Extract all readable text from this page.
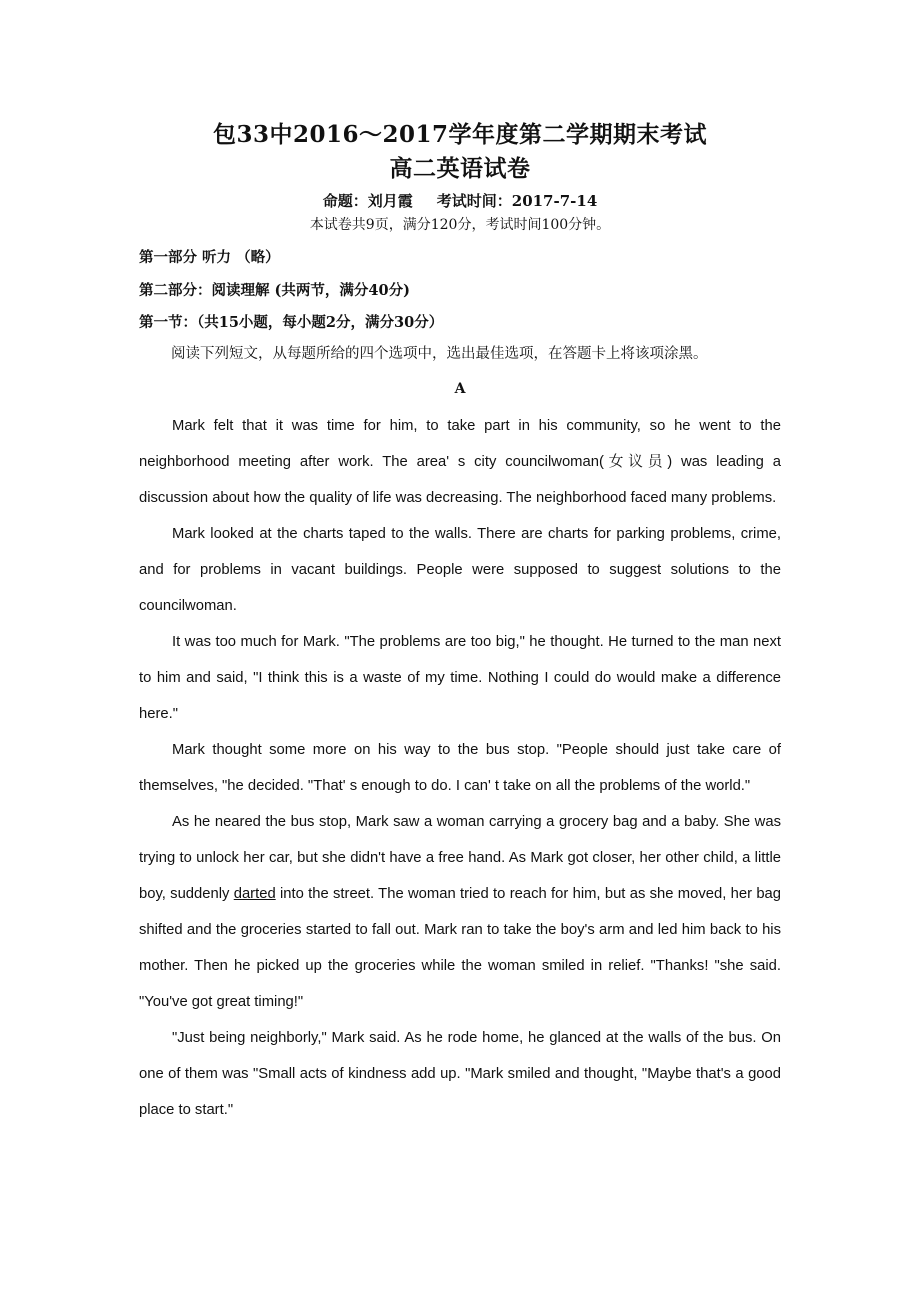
包33中2016～2017学年度第二学期期末考试
高二英语试卷
命题：刘月霞 考试时间：2017-7-14
本试卷共9页，满分120分，考试时间100分钟。
第一部分 听力 （略）
第二部分：阅读理解 (共两节，满分40分)
第一节：（共15小题，每小题2分，满分30分）
阅读下列短文，从每题所给的四个选项中，选出最佳选项，在答题卡上将该项涂黑。
A

Mark felt that it was time for him, to take part in his community, so he went to the neighborhood meeting after work. The area' s city councilwoman(女议员) was leading a discussion about how the quality of life was decreasing. The neighborhood faced many problems.

Mark looked at the charts taped to the walls. There are charts for parking problems, crime, and for problems in vacant buildings. People were supposed to suggest solutions to the councilwoman.

It was too much for Mark. "The problems are too big," he thought. He turned to the man next to him and said, "I think this is a waste of my time. Nothing I could do would make a difference here."

Mark thought some more on his way to the bus stop. "People should just take care of themselves, "he decided. "That' s enough to do. I can' t take on all the problems of the world."

As he neared the bus stop, Mark saw a woman carrying a grocery bag and a baby. She was trying to unlock her car, but she didn't have a free hand. As Mark got closer, her other child, a little boy, suddenly darted into the street. The woman tried to reach for him, but as she moved, her bag shifted and the groceries started to fall out. Mark ran to take the boy's arm and led him back to his mother. Then he picked up the groceries while the woman smiled in relief. "Thanks! "she said. "You've got great timing!"

"Just being neighborly," Mark said. As he rode home, he glanced at the walls of the bus. On one of them was "Small acts of kindness add up. "Mark smiled and thought, "Maybe that's a good place to start."
